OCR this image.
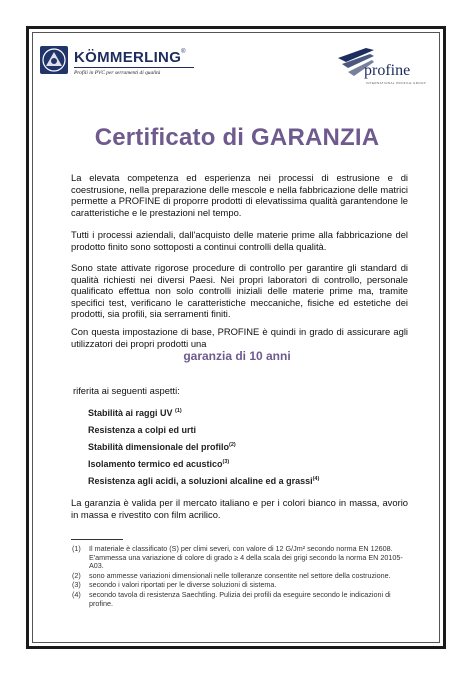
KÖMMERLING®
Profili in PVC per serramenti di qualità	profine
INTERNATIONAL PROFILE GROUP
Certificato di GARANZIA
La elevata competenza ed esperienza nei processi di estrusione e di coestrusione, nella preparazione delle mescole e nella fabbricazione delle matrici permette a PROFINE di proporre prodotti di elevatissima qualità garantendone le caratteristiche e le prestazioni nel tempo.
Tutti i processi aziendali, dall'acquisto delle materie prime alla fabbricazione del prodotto finito sono sottoposti a continui controlli della qualità.
Sono state attivate rigorose procedure di controllo per garantire gli standard di qualità richiesti nei diversi Paesi. Nei propri laboratori di controllo, personale qualificato effettua non solo controlli iniziali delle materie prime ma, tramite specifici test, verificano le caratteristiche meccaniche, fisiche ed estetiche dei prodotti, sia profili, sia serramenti finiti.
Con questa impostazione di base, PROFINE è quindi in grado di assicurare agli utilizzatori dei propri prodotti una
garanzia di 10 anni
riferita ai seguenti aspetti:
Stabilità ai raggi UV $^{(1)}$
Resistenza a colpi ed urti
Stabilità dimensionale del profilo$^{(2)}$
Isolamento termico ed acustico$^{(3)}$
Resistenza agli acidi, a soluzioni alcaline ed a grassi$^{(4)}$
La garanzia è valida per il mercato italiano e per i colori bianco in massa, avorio in massa e rivestito con film acrilico.
(1) Il materiale è classificato (S) per climi severi, con valore di 12 G/Jm² secondo norma EN 12608. E'ammessa una variazione di colore di grado ≥ 4 della scala dei grigi secondo la norma EN 20105-A03.
(2) sono ammesse variazioni dimensionali nelle tolleranze consentite nel settore della costruzione.
(3) secondo i valori riportati per le diverse soluzioni di sistema.
(4) secondo tavola di resistenza Saechtling. Pulizia dei profili da eseguire secondo le indicazioni di profine.
